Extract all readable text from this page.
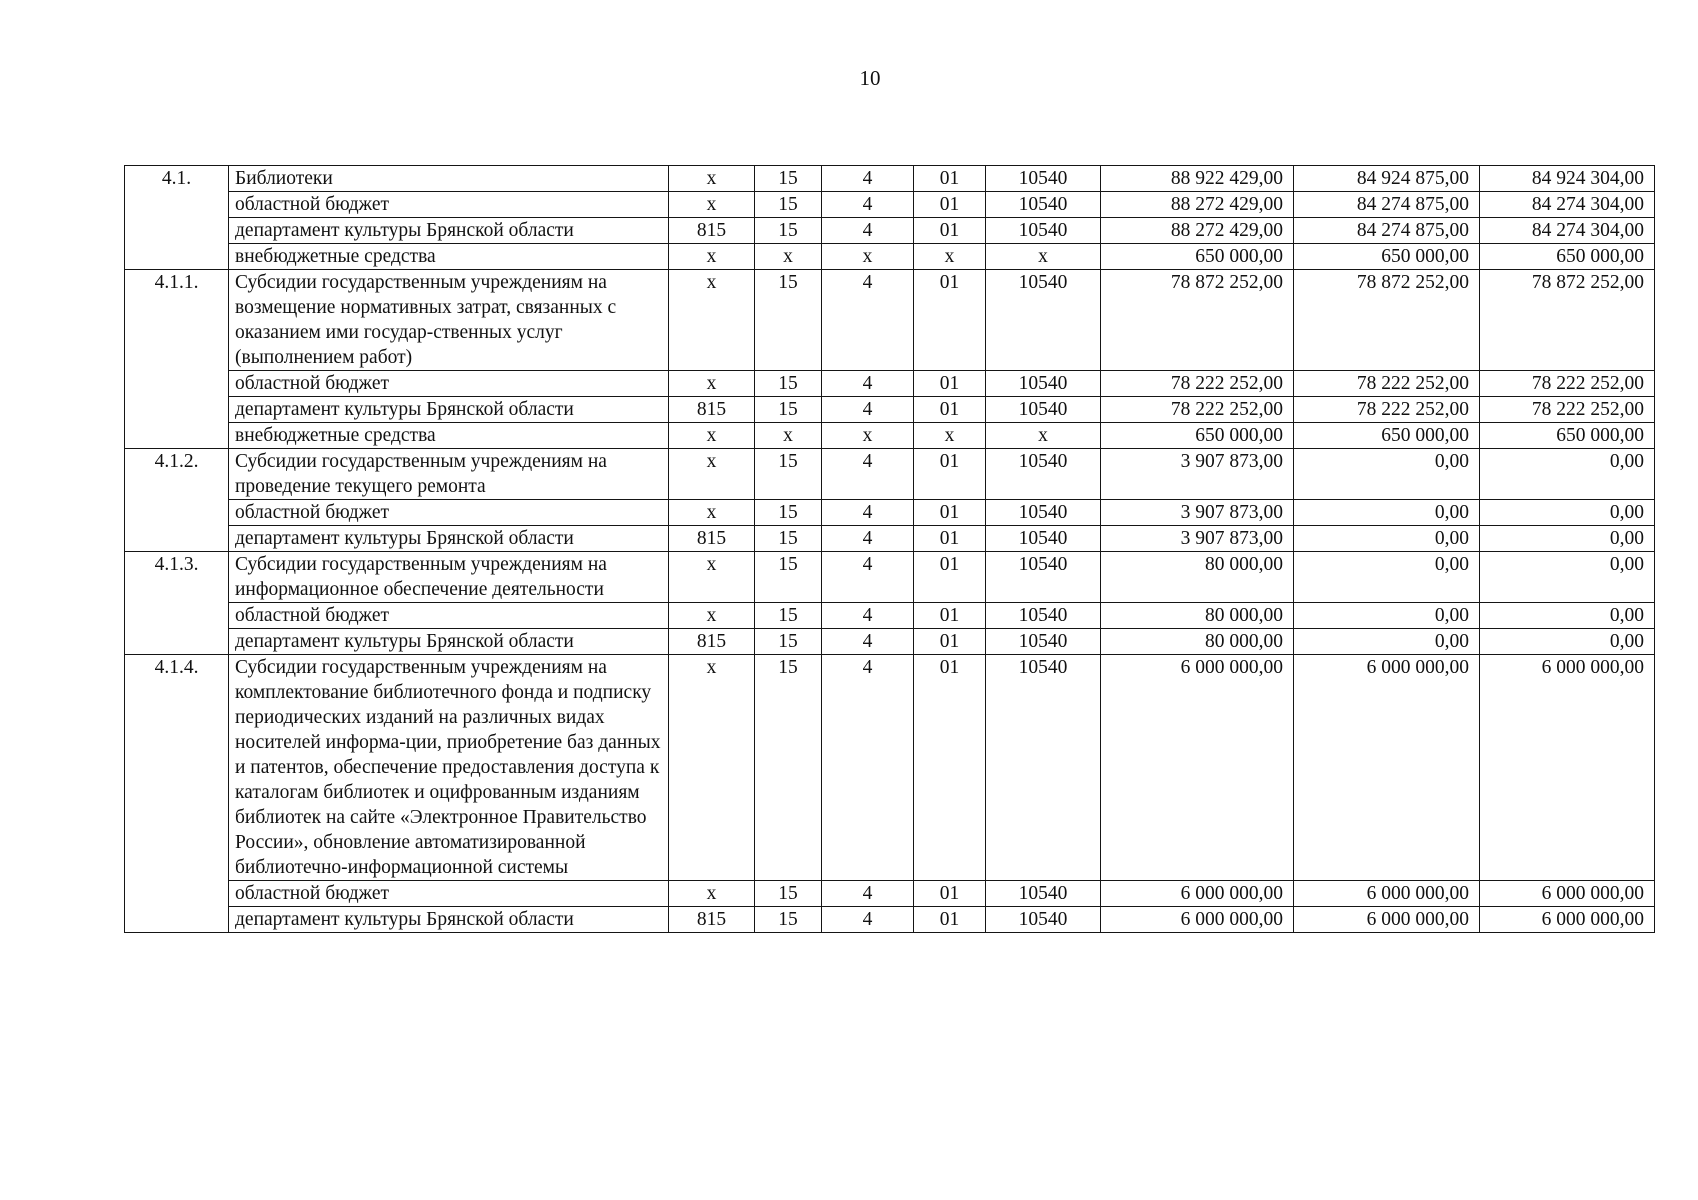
10
4.1.	Библиотеки	х	15	4	01	10540	88 922 429,00	84 924 875,00	84 924 304,00
	областной бюджет	х	15	4	01	10540	88 272 429,00	84 274 875,00	84 274 304,00
	департамент культуры Брянской области	815	15	4	01	10540	88 272 429,00	84 274 875,00	84 274 304,00
	внебюджетные средства	х	х	х	х	х	650 000,00	650 000,00	650 000,00
4.1.1.	Субсидии государственным учреждениям на возмещение нормативных затрат, связанных с оказанием ими государ-ственных услуг (выполнением работ)	х	15	4	01	10540	78 872 252,00	78 872 252,00	78 872 252,00
	областной бюджет	х	15	4	01	10540	78 222 252,00	78 222 252,00	78 222 252,00
	департамент культуры Брянской области	815	15	4	01	10540	78 222 252,00	78 222 252,00	78 222 252,00
	внебюджетные средства	х	х	х	х	х	650 000,00	650 000,00	650 000,00
4.1.2.	Субсидии государственным учреждениям на проведение текущего ремонта	х	15	4	01	10540	3 907 873,00	0,00	0,00
	областной бюджет	х	15	4	01	10540	3 907 873,00	0,00	0,00
	департамент культуры Брянской области	815	15	4	01	10540	3 907 873,00	0,00	0,00
4.1.3.	Субсидии государственным учреждениям на информационное обеспечение деятельности	х	15	4	01	10540	80 000,00	0,00	0,00
	областной бюджет	х	15	4	01	10540	80 000,00	0,00	0,00
	департамент культуры Брянской области	815	15	4	01	10540	80 000,00	0,00	0,00
4.1.4.	Субсидии государственным учреждениям на комплектование библиотечного фонда и подписку периодических изданий на различных видах носителей информа-ции, приобретение баз данных и патентов, обеспечение предоставления доступа к каталогам библиотек и оцифрованным изданиям библиотек на сайте «Электронное Правительство России», обновление автоматизированной библиотечно-информационной системы	х	15	4	01	10540	6 000 000,00	6 000 000,00	6 000 000,00
	областной бюджет	х	15	4	01	10540	6 000 000,00	6 000 000,00	6 000 000,00
	департамент культуры Брянской области	815	15	4	01	10540	6 000 000,00	6 000 000,00	6 000 000,00
